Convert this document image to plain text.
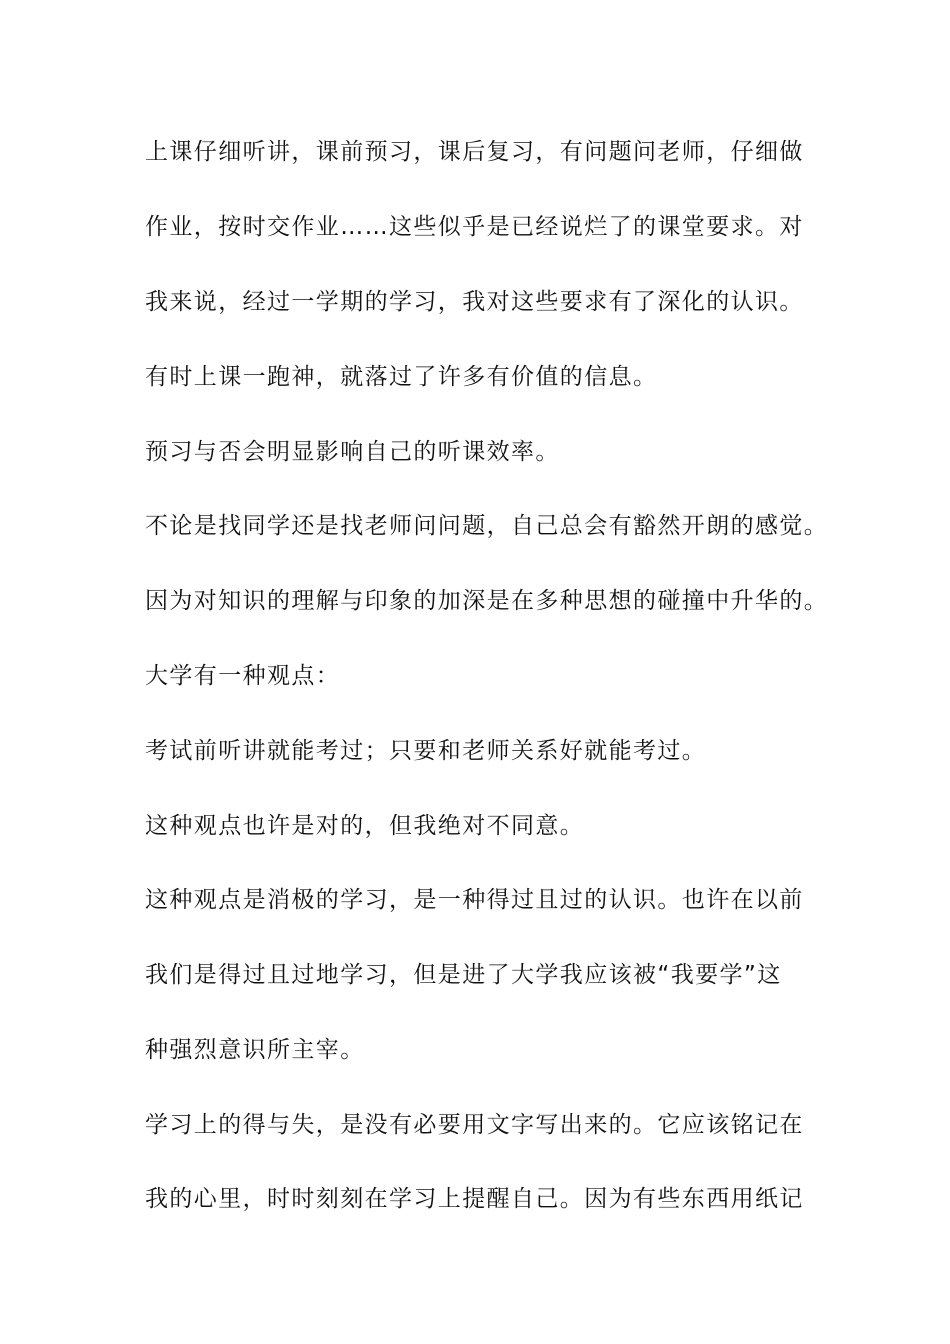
上课仔细听讲，课前预习，课后复习，有问题问老师，仔细做
作业，按时交作业……这些似乎是已经说烂了的课堂要求。对
我来说，经过一学期的学习，我对这些要求有了深化的认识。
有时上课一跑神，就落过了许多有价值的信息。
预习与否会明显影响自己的听课效率。
不论是找同学还是找老师问问题，自己总会有豁然开朗的感觉。
因为对知识的理解与印象的加深是在多种思想的碰撞中升华的。
大学有一种观点：
考试前听讲就能考过；只要和老师关系好就能考过。
这种观点也许是对的，但我绝对不同意。
这种观点是消极的学习，是一种得过且过的认识。也许在以前
我们是得过且过地学习，但是进了大学我应该被“我要学”这
种强烈意识所主宰。
学习上的得与失，是没有必要用文字写出来的。它应该铭记在
我的心里，时时刻刻在学习上提醒自己。因为有些东西用纸记
